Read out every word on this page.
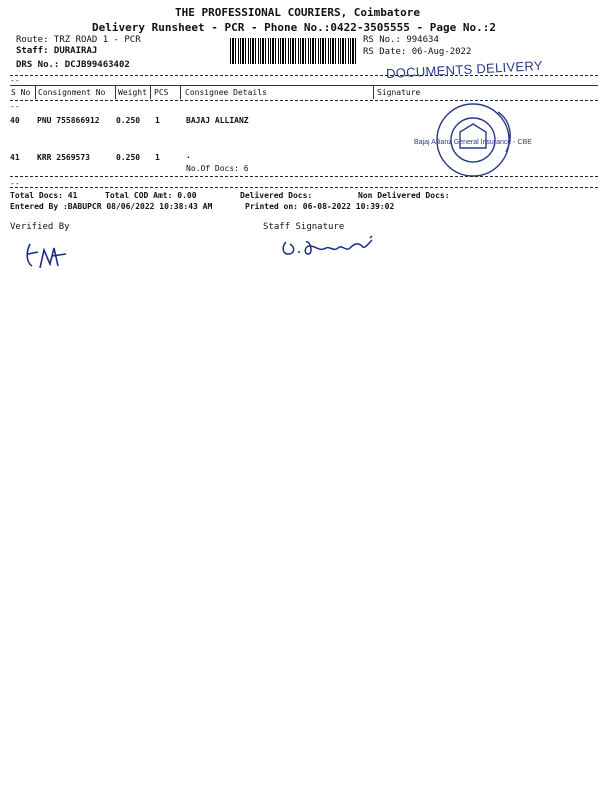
THE PROFESSIONAL COURIERS, Coimbatore
Delivery Runsheet - PCR - Phone No.:0422-3505555 - Page No.:2
Route: TRZ ROAD 1 - PCR
Staff: DURAIRAJ
DRS No.: DCJB99463402
RS No.: 994634
RS Date: 06-Aug-2022
DOCUMENTS DELIVERY
--
S No Consignment No Weight PCS Consignee Details	Signature
--
40 PNU 755866912 0.250 1	BAJAJ ALLIANZ
41 KRR 2569573	0.250 1	.
No.Of Docs: 6
Bajaj Allianz General Insurance - CBE
--
Total Docs: 41	Total COD Amt: 0.00	Delivered Docs:	Non Delivered Docs:
Entered By :BABUPCR 08/06/2022 10:38:43 AM	Printed on: 06-08-2022 10:39:02
Verified By	Staff Signature
